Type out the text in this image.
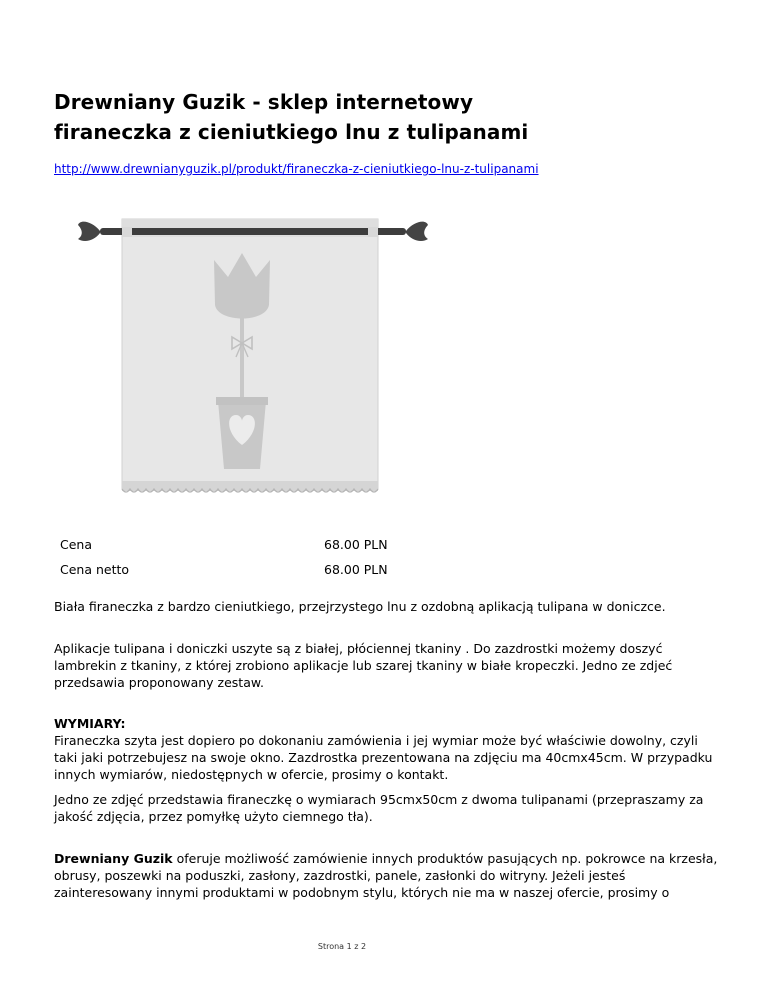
Drewniany Guzik - sklep internetowy
firaneczka z cieniutkiego lnu z tulipanami
http://www.drewnianyguzik.pl/produkt/firaneczka-z-cieniutkiego-lnu-z-tulipanami
Cena	68.00 PLN
Cena netto	68.00 PLN

Biała firaneczka z bardzo cieniutkiego, przejrzystego lnu z ozdobną aplikacją tulipana w doniczce.

Aplikacje tulipana i doniczki uszyte są z białej, płóciennej tkaniny . Do zazdrostki możemy doszyć lambrekin z tkaniny, z której zrobiono aplikacje lub szarej tkaniny w białe kropeczki. Jedno ze zdjeć przedsawia proponowany zestaw.

WYMIARY:
Firaneczka szyta jest dopiero po dokonaniu zamówienia i jej wymiar może być właściwie dowolny, czyli taki jaki potrzebujesz na swoje okno. Zazdrostka prezentowana na zdjęciu ma 40cmx45cm. W przypadku innych wymiarów, niedostępnych w ofercie, prosimy o kontakt.

Jedno ze zdjęć przedstawia firaneczkę o wymiarach 95cmx50cm z dwoma tulipanami (przepraszamy za jakość zdjęcia, przez pomyłkę użyto ciemnego tła).

Drewniany Guzik oferuje możliwość zamówienie innych produktów pasujących np. pokrowce na krzesła, obrusy, poszewki na poduszki, zasłony, zazdrostki, panele, zasłonki do witryny. Jeżeli jesteś zainteresowany innymi produktami w podobnym stylu, których nie ma w naszej ofercie, prosimy o

Strona 1 z 2
